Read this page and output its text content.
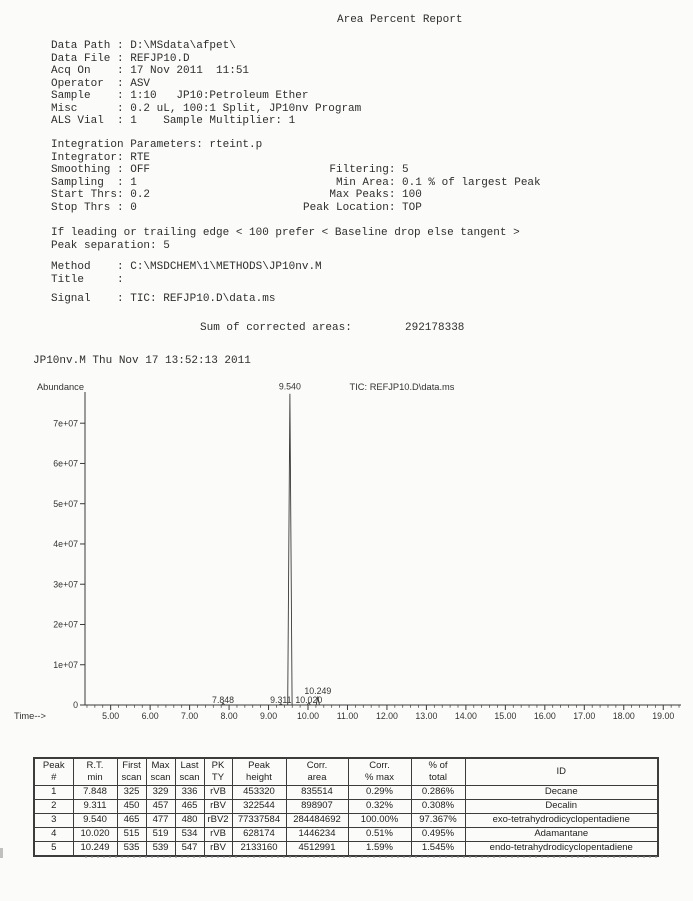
Area Percent Report
Data Path : D:\MSdata\afpet\
Data File : REFJP10.D
Acq On    : 17 Nov 2011  11:51
Operator  : ASV
Sample    : 1:10   JP10:Petroleum Ether
Misc      : 0.2 uL, 100:1 Split, JP10nv Program
ALS Vial  : 1    Sample Multiplier: 1
Integration Parameters: rteint.p
Integrator: RTE
Smoothing : OFF
Sampling  : 1
Start Thrs: 0.2
Stop Thrs : 0
Filtering: 5
Min Area: 0.1 % of largest Peak
Max Peaks: 100
Peak Location: TOP
If leading or trailing edge < 100 prefer < Baseline drop else tangent >
Peak separation: 5
Method    : C:\MSDCHEM\1\METHODS\JP10nv.M
Title     :
Signal    : TIC: REFJP10.D\data.ms
Sum of corrected areas:	292178338
JP10nv.M Thu Nov 17 13:52:13 2011
Abundance	TIC: REFJP10.D\data.ms
Time-->
0
1e+07
2e+07
3e+07
4e+07
5e+07
6e+07
7e+07
5.00	6.00	7.00	8.00	9.00 10.00 11.00 12.00 13.00 14.00 15.00 16.00 17.00 18.00 19.00
7.848	9.311
9.540
10.020
10.249
Peak
#

R.T.
min

First
scan

Max
scan

Last
scan

PK
TY

Peak
height

Corr.
area

Corr.
% max

% of
total

ID

1	7.848	325	329	336	rVB	453320	835514	0.29%	0.286%	Decane
2	9.311	450	457	465	rBV	322544	898907	0.32%	0.308%	Decalin
3	9.540	465	477	480	rBV2	77337584	284484692	100.00%	97.367%	exo-tetrahydrodicyclopentadiene
4	10.020	515	519	534	rVB	628174	1446234	0.51%	0.495%	Adamantane
5	10.249	535	539	547	rBV	2133160	4512991	1.59%	1.545%	endo-tetrahydrodicyclopentadiene
